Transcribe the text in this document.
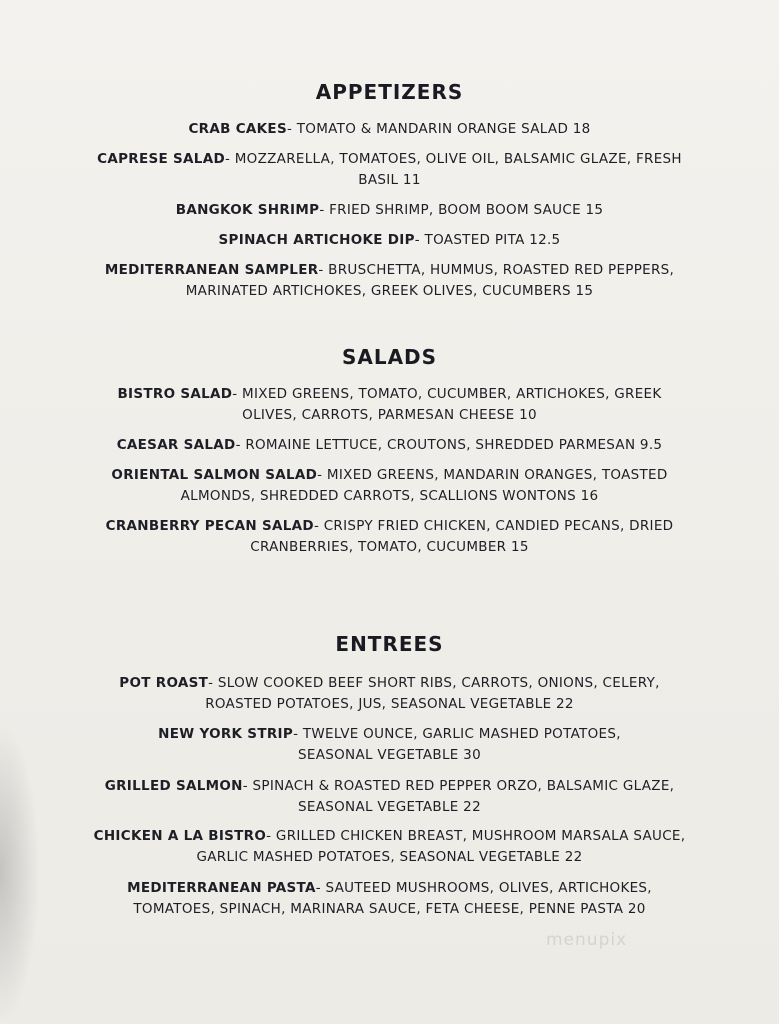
APPETIZERS
CRAB CAKES- TOMATO & MANDARIN ORANGE SALAD 18
CAPRESE SALAD- MOZZARELLA, TOMATOES, OLIVE OIL, BALSAMIC GLAZE, FRESH BASIL 11
BANGKOK SHRIMP- FRIED SHRIMP, BOOM BOOM SAUCE 15
SPINACH ARTICHOKE DIP- TOASTED PITA 12.5
MEDITERRANEAN SAMPLER- BRUSCHETTA, HUMMUS, ROASTED RED PEPPERS, MARINATED ARTICHOKES, GREEK OLIVES, CUCUMBERS 15
SALADS
BISTRO SALAD- MIXED GREENS, TOMATO, CUCUMBER, ARTICHOKES, GREEK OLIVES, CARROTS, PARMESAN CHEESE 10
CAESAR SALAD- ROMAINE LETTUCE, CROUTONS, SHREDDED PARMESAN 9.5
ORIENTAL SALMON SALAD- MIXED GREENS, MANDARIN ORANGES, TOASTED ALMONDS, SHREDDED CARROTS, SCALLIONS WONTONS 16
CRANBERRY PECAN SALAD- CRISPY FRIED CHICKEN, CANDIED PECANS, DRIED CRANBERRIES, TOMATO, CUCUMBER 15
ENTREES
POT ROAST- SLOW COOKED BEEF SHORT RIBS, CARROTS, ONIONS, CELERY, ROASTED POTATOES, JUS, SEASONAL VEGETABLE 22
NEW YORK STRIP- TWELVE OUNCE, GARLIC MASHED POTATOES, SEASONAL VEGETABLE 30
GRILLED SALMON- SPINACH & ROASTED RED PEPPER ORZO, BALSAMIC GLAZE, SEASONAL VEGETABLE 22
CHICKEN A LA BISTRO- GRILLED CHICKEN BREAST, MUSHROOM MARSALA SAUCE, GARLIC MASHED POTATOES, SEASONAL VEGETABLE 22
MEDITERRANEAN PASTA- SAUTEED MUSHROOMS, OLIVES, ARTICHOKES, TOMATOES, SPINACH, MARINARA SAUCE, FETA CHEESE, PENNE PASTA 20
menupix
